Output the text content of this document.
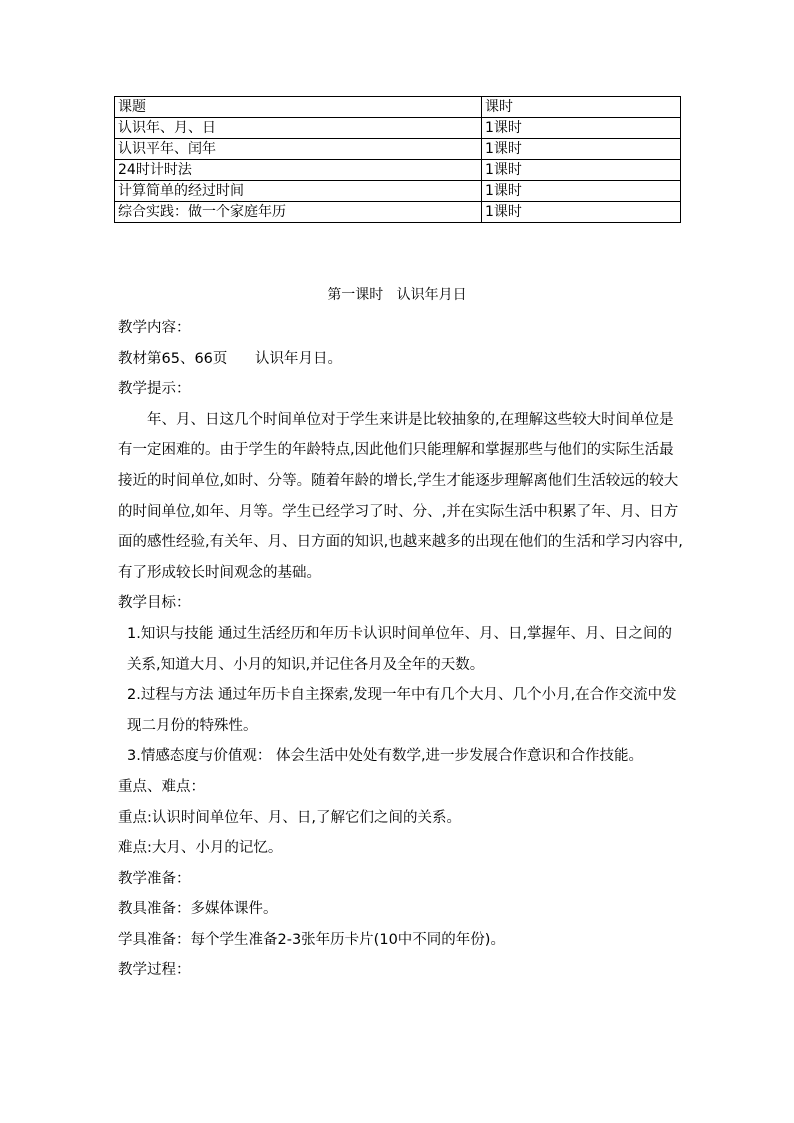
课题	课时
认识年、月、日	1课时
认识平年、闰年	1课时
24时计时法	1课时
计算简单的经过时间	1课时
综合实践：做一个家庭年历	1课时
第一课时   认识年月日

教学内容：

教材第65、66页      认识年月日。

教学提示：

年、月、日这几个时间单位对于学生来讲是比较抽象的,在理解这些较大时间单位是有一定困难的。由于学生的年龄特点,因此他们只能理解和掌握那些与他们的实际生活最接近的时间单位,如时、分等。随着年龄的增长,学生才能逐步理解离他们生活较远的较大的时间单位,如年、月等。学生已经学习了时、分、,并在实际生活中积累了年、月、日方面的感性经验,有关年、月、日方面的知识,也越来越多的出现在他们的生活和学习内容中,有了形成较长时间观念的基础。

教学目标：

1.知识与技能 通过生活经历和年历卡认识时间单位年、月、日,掌握年、月、日之间的关系,知道大月、小月的知识,并记住各月及全年的天数。

2.过程与方法 通过年历卡自主探索,发现一年中有几个大月、几个小月,在合作交流中发现二月份的特殊性。

3.情感态度与价值观： 体会生活中处处有数学,进一步发展合作意识和合作技能。

重点、难点：

重点:认识时间单位年、月、日,了解它们之间的关系。

难点:大月、小月的记忆。

教学准备：

教具准备：多媒体课件。

学具准备：每个学生准备2-3张年历卡片(10中不同的年份)。

教学过程：
